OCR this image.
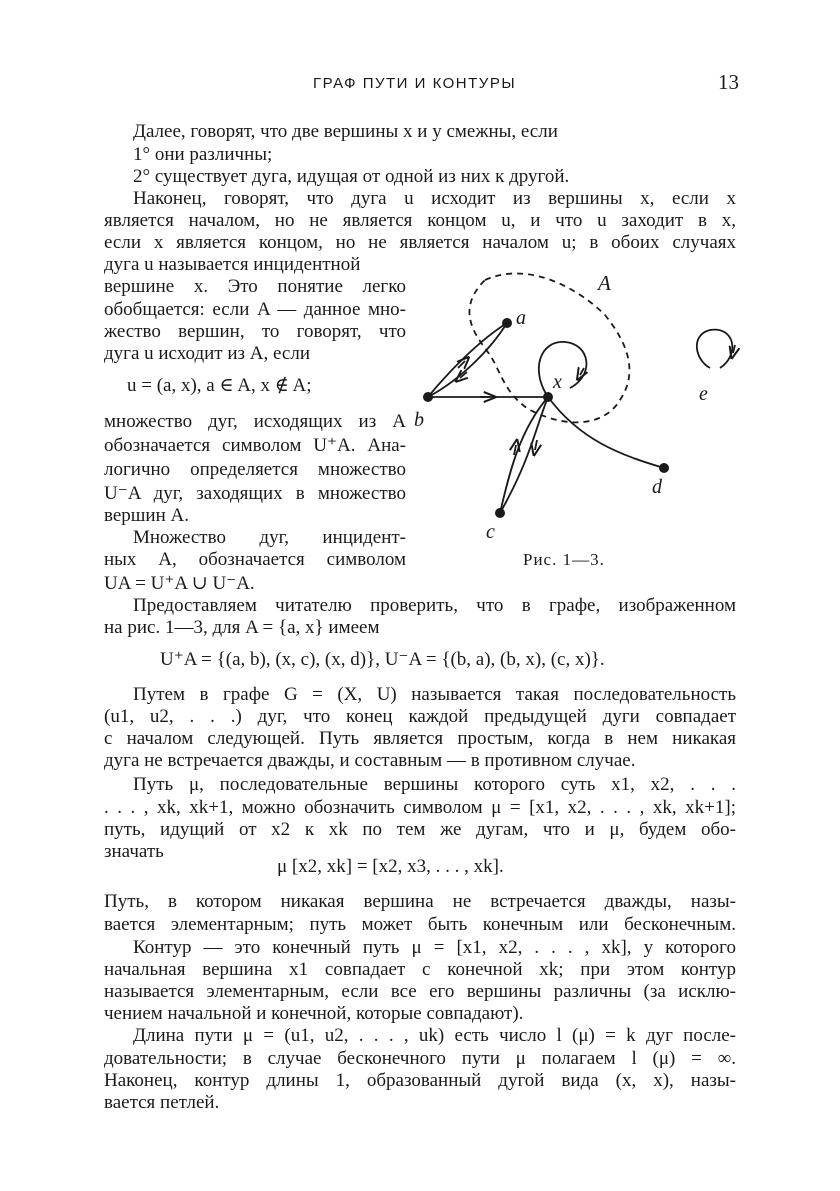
ГРАФ ПУТИ И КОНТУРЫ	13
Далее, говорят, что две вершины x и y смежны, если
1° они различны;
2° существует дуга, идущая от одной из них к другой.
Наконец, говорят, что дуга u исходит из вершины x, если x
является началом, но не является концом u, и что u заходит в x,
если x является концом, но не является началом u; в обоих случаях
дуга u называется инцидентной
вершине x. Это понятие легко
обобщается: если A — данное мно-
жество вершин, то говорят, что
дуга u исходит из A, если
u = (a, x), a ∈ A, x ∉ A;
множество дуг, исходящих из A
обозначается символом U⁺A. Ана-
логично определяется множество
U⁻A дуг, заходящих в множество
вершин A.
Множество дуг, инцидент-
ных A, обозначается символом
UA = U⁺A ∪ U⁻A.
A
a
x
b
c
d
e
Рис. 1—3.
Предоставляем читателю проверить, что в графе, изображенном
на рис. 1—3, для A = {a, x} имеем
U⁺A = {(a, b), (x, c), (x, d)}, U⁻A = {(b, a), (b, x), (c, x)}.
Путем в графе G = (X, U) называется такая последовательность
(u1, u2, . . .) дуг, что конец каждой предыдущей дуги совпадает
с началом следующей. Путь является простым, когда в нем никакая
дуга не встречается дважды, и составным — в противном случае.
Путь μ, последовательные вершины которого суть x1, x2, . . .
. . . , xk, xk+1, можно обозначить символом μ = [x1, x2, . . . , xk, xk+1];
путь, идущий от x2 к xk по тем же дугам, что и μ, будем обо-
значать
μ [x2, xk] = [x2, x3, . . . , xk].
Путь, в котором никакая вершина не встречается дважды, назы-
вается элементарным; путь может быть конечным или бесконечным.
Контур — это конечный путь μ = [x1, x2, . . . , xk], у которого
начальная вершина x1 совпадает с конечной xk; при этом контур
называется элементарным, если все его вершины различны (за исклю-
чением начальной и конечной, которые совпадают).
Длина пути μ = (u1, u2, . . . , uk) есть число l (μ) = k дуг после-
довательности; в случае бесконечного пути μ полагаем l (μ) = ∞.
Наконец, контур длины 1, образованный дугой вида (x, x), назы-
вается петлей.
